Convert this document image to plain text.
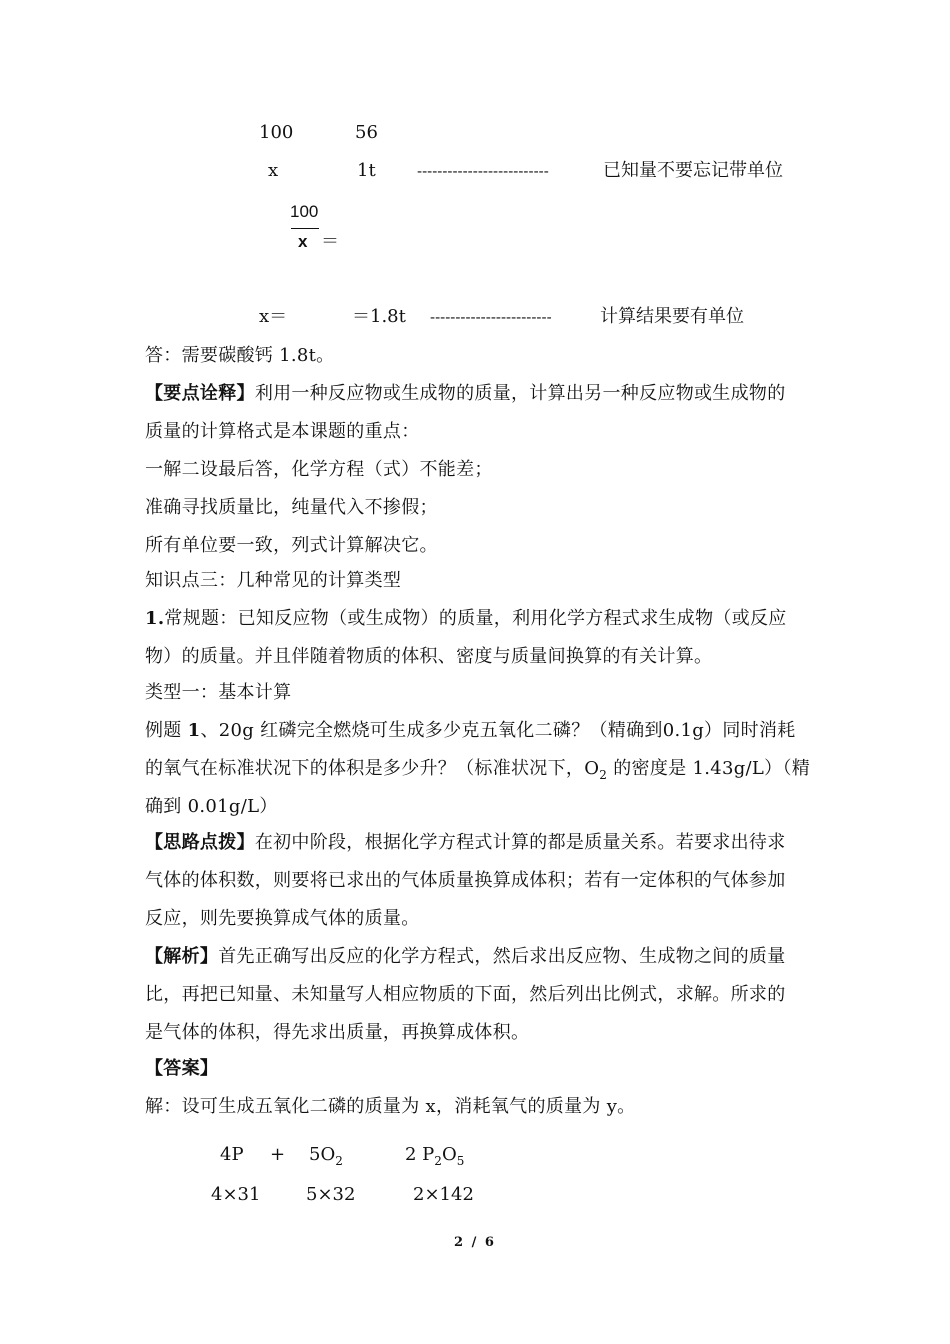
100	56
x	1t	--------------------------	已知量不要忘记带单位
100
x ＝
x＝	＝1.8t ------------------------	计算结果要有单位
答：需要碳酸钙 1.8t。
【要点诠释】利用一种反应物或生成物的质量，计算出另一种反应物或生成物的
质量的计算格式是本课题的重点：
一解二设最后答，化学方程（式）不能差；
准确寻找质量比，纯量代入不掺假；
所有单位要一致，列式计算解决它。
知识点三：几种常见的计算类型
1.常规题：已知反应物（或生成物）的质量，利用化学方程式求生成物（或反应
物）的质量。并且伴随着物质的体积、密度与质量间换算的有关计算。
类型一：基本计算
例题 1、20g 红磷完全燃烧可生成多少克五氧化二磷？（精确到0.1g）同时消耗
的氧气在标准状况下的体积是多少升？（标准状况下，$O_2$ 的密度是 1.43g/L）（精
确到 0.01g/L）
【思路点拨】在初中阶段，根据化学方程式计算的都是质量关系。若要求出待求
气体的体积数，则要将已求出的气体质量换算成体积；若有一定体积的气体参加
反应，则先要换算成气体的质量。
【解析】首先正确写出反应的化学方程式，然后求出反应物、生成物之间的质量
比，再把已知量、未知量写人相应物质的下面，然后列出比例式，求解。所求的
是气体的体积，得先求出质量，再换算成体积。
【答案】
解：设可生成五氧化二磷的质量为 x，消耗氧气的质量为 y。
$4P + 5O_2$	2 $P_2O_5$
4×31	5×32	2×142
2 / 6
